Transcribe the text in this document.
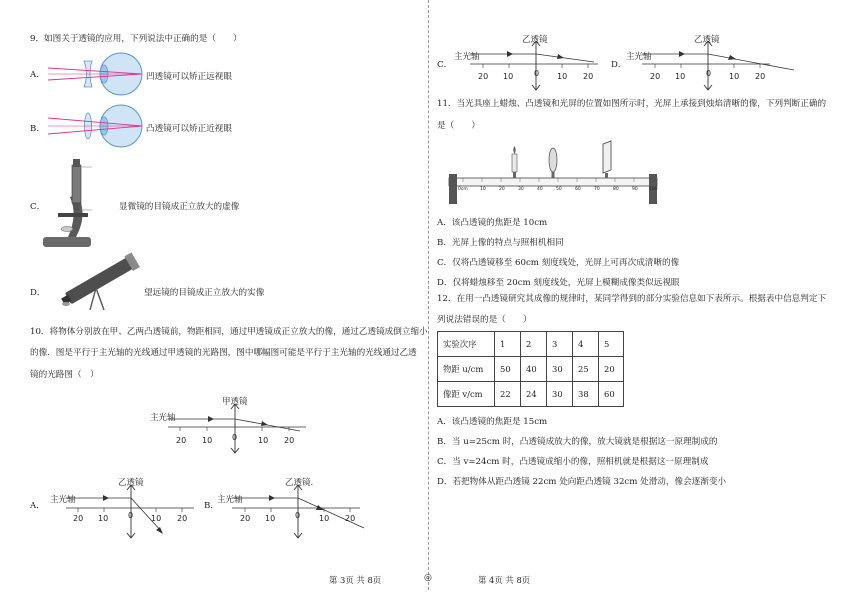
9．如图关于透镜的应用，下列说法中正确的是（　　）
A．	凹透镜可以矫正远视眼
B．	凸透镜可以矫正近视眼
C．	显微镜的目镜成正立放大的虚像
D．	望远镜的目镜成正立放大的实像
10．将物体分别放在甲、乙两凸透镜前，物距相同，通过甲透镜成正立放大的像，通过乙透镜成倒立缩小
的像．图是平行于主光轴的光线通过甲透镜的光路图，图中哪幅图可能是平行于主光轴的光线通过乙透
镜的光路图（　）
甲透镜
主光轴
20 10 0	10 20
A．
乙透镜
主光轴
20 10 0 10 20
B．
乙透镜.
主光轴
20 10 0 10 20
第 3页 共 8页	◎
C．
乙透镜
主光轴
20 10	0 10 20
D．
乙透镜
主光轴
20 10	0 10 20
11．当光具座上蜡烛、凸透镜和光屏的位置如图所示时，光屏上承接到烛焰清晰的像，下列判断正确的
是（　　）
0cm	10	20	30	40	50	60	70	80	90	100
A．该凸透镜的焦距是 10cm
B．光屏上像的特点与照相机相同
C．仅将凸透镜移至 60cm 刻度线处，光屏上可再次成清晰的像
D．仅将蜡烛移至 20cm 刻度线处，光屏上模糊成像类似远视眼
12．在用一凸透镜研究其成像的规律时，某同学得到的部分实验信息如下表所示。根据表中信息判定下
列说法错误的是（　　）
实验次序	1	2	3	4	5
物距 u/cm	50	40	30	25	20
像距 v/cm	22	24	30	38	60
A．该凸透镜的焦距是 15cm
B．当 u=25cm 时，凸透镜成放大的像，放大镜就是根据这一原理制成的
C．当 v=24cm 时，凸透镜成缩小的像，照相机就是根据这一原理制成
D．若把物体从距凸透镜 22cm 处向距凸透镜 32cm 处滑动，像会逐渐变小
第 4页 共 8页
